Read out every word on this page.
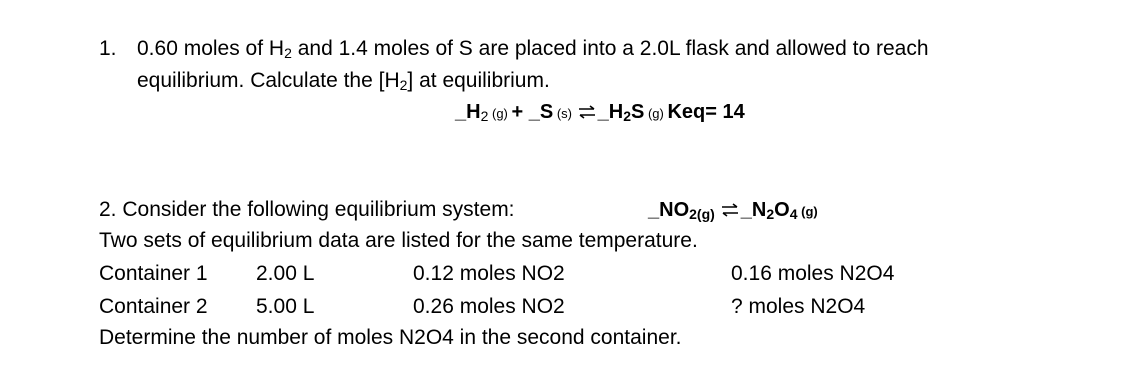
1. 0.60 moles of $H_2$ and 1.4 moles of S are placed into a 2.0L flask and allowed to reach
equilibrium. Calculate the $[H_2]$ at equilibrium.
$\_H_2$ (g) + _S (s) ⇌ $\_H_2S$ (g) Keq= 14
2. Consider the following equilibrium system:	$\_NO_{2(g)}$ ⇌ $\_N_2O_4$ (g)
Two sets of equilibrium data are listed for the same temperature.
Container 1 2.00 L	0.12 moles NO2	0.16 moles N2O4
Container 2 5.00 L	0.26 moles NO2	? moles N2O4
Determine the number of moles N2O4 in the second container.
